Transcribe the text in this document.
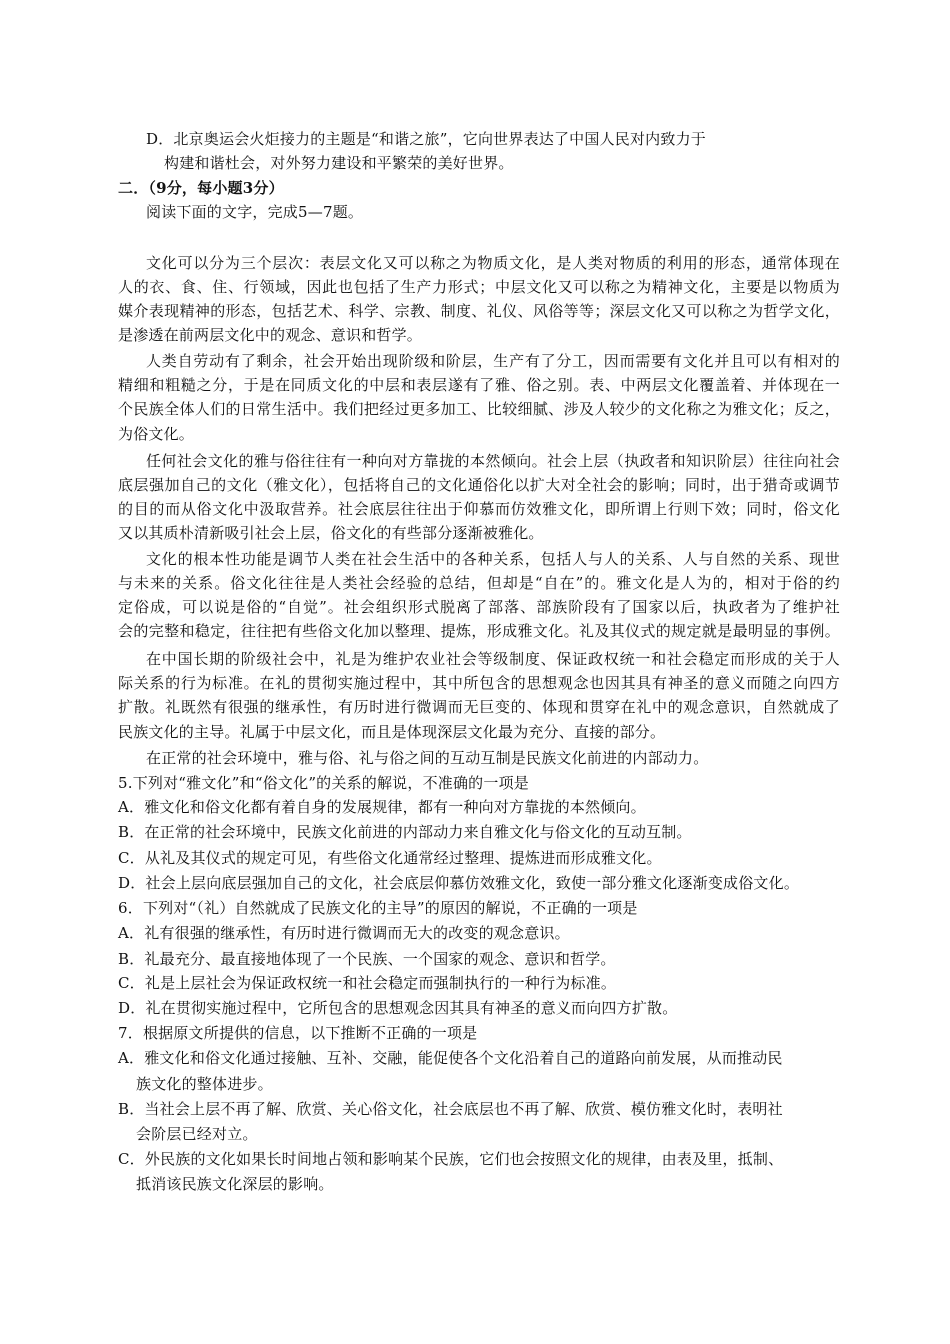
D．北京奥运会火炬接力的主题是“和谐之旅”，它向世界表达了中国人民对内致力于
构建和谐杜会，对外努力建设和平繁荣的美好世界。
二．（9分，每小题3分）
阅读下面的文字，完成5—7题。
文化可以分为三个层次：表层文化又可以称之为物质文化，是人类对物质的利用的形态，通常体现在
人的衣、食、住、行领域，因此也包括了生产力形式；中层文化又可以称之为精神文化，主要是以物质为
媒介表现精神的形态，包括艺术、科学、宗教、制度、礼仪、风俗等等；深层文化又可以称之为哲学文化，
是渗透在前两层文化中的观念、意识和哲学。
人类自劳动有了剩余，社会开始出现阶级和阶层，生产有了分工，因而需要有文化并且可以有相对的
精细和粗糙之分，于是在同质文化的中层和表层遂有了雅、俗之别。表、中两层文化覆盖着、并体现在一
个民族全体人们的日常生活中。我们把经过更多加工、比较细腻、涉及人较少的文化称之为雅文化；反之，
为俗文化。
任何社会文化的雅与俗往往有一种向对方靠拢的本然倾向。社会上层（执政者和知识阶层）往往向社会
底层强加自己的文化（雅文化），包括将自己的文化通俗化以扩大对全社会的影响；同时，出于猎奇或调节
的目的而从俗文化中汲取营养。社会底层往往出于仰慕而仿效雅文化，即所谓上行则下效；同时，俗文化
又以其质朴清新吸引社会上层，俗文化的有些部分逐渐被雅化。
文化的根本性功能是调节人类在社会生活中的各种关系，包括人与人的关系、人与自然的关系、现世
与未来的关系。俗文化往往是人类社会经验的总结，但却是“自在”的。雅文化是人为的，相对于俗的约
定俗成，可以说是俗的“自觉”。社会组织形式脱离了部落、部族阶段有了国家以后，执政者为了维护社
会的完整和稳定，往往把有些俗文化加以整理、提炼，形成雅文化。礼及其仪式的规定就是最明显的事例。
在中国长期的阶级社会中，礼是为维护农业社会等级制度、保证政权统一和社会稳定而形成的关于人
际关系的行为标准。在礼的贯彻实施过程中，其中所包含的思想观念也因其具有神圣的意义而随之向四方
扩散。礼既然有很强的继承性，有历时进行微调而无巨变的、体现和贯穿在礼中的观念意识，自然就成了
民族文化的主导。礼属于中层文化，而且是体现深层文化最为充分、直接的部分。
在正常的社会环境中，雅与俗、礼与俗之间的互动互制是民族文化前进的内部动力。
5.下列对“雅文化”和“俗文化”的关系的解说，不准确的一项是
A．雅文化和俗文化都有着自身的发展规律，都有一种向对方靠拢的本然倾向。
B．在正常的社会环境中，民族文化前进的内部动力来自雅文化与俗文化的互动互制。
C．从礼及其仪式的规定可见，有些俗文化通常经过整理、提炼进而形成雅文化。
D．社会上层向底层强加自己的文化，社会底层仰慕仿效雅文化，致使一部分雅文化逐渐变成俗文化。
6．下列对“（礼）自然就成了民族文化的主导”的原因的解说，不正确的一项是
A．礼有很强的继承性，有历时进行微调而无大的改变的观念意识。
B．礼最充分、最直接地体现了一个民族、一个国家的观念、意识和哲学。
C．礼是上层社会为保证政权统一和社会稳定而强制执行的一种行为标准。
D．礼在贯彻实施过程中，它所包含的思想观念因其具有神圣的意义而向四方扩散。
7．根据原文所提供的信息，以下推断不正确的一项是
A．雅文化和俗文化通过接触、互补、交融，能促使各个文化沿着自己的道路向前发展，从而推动民
族文化的整体进步。
B．当社会上层不再了解、欣赏、关心俗文化，社会底层也不再了解、欣赏、模仿雅文化时，表明社
会阶层已经对立。
C．外民族的文化如果长时间地占领和影响某个民族，它们也会按照文化的规律，由表及里，抵制、
抵消该民族文化深层的影响。
